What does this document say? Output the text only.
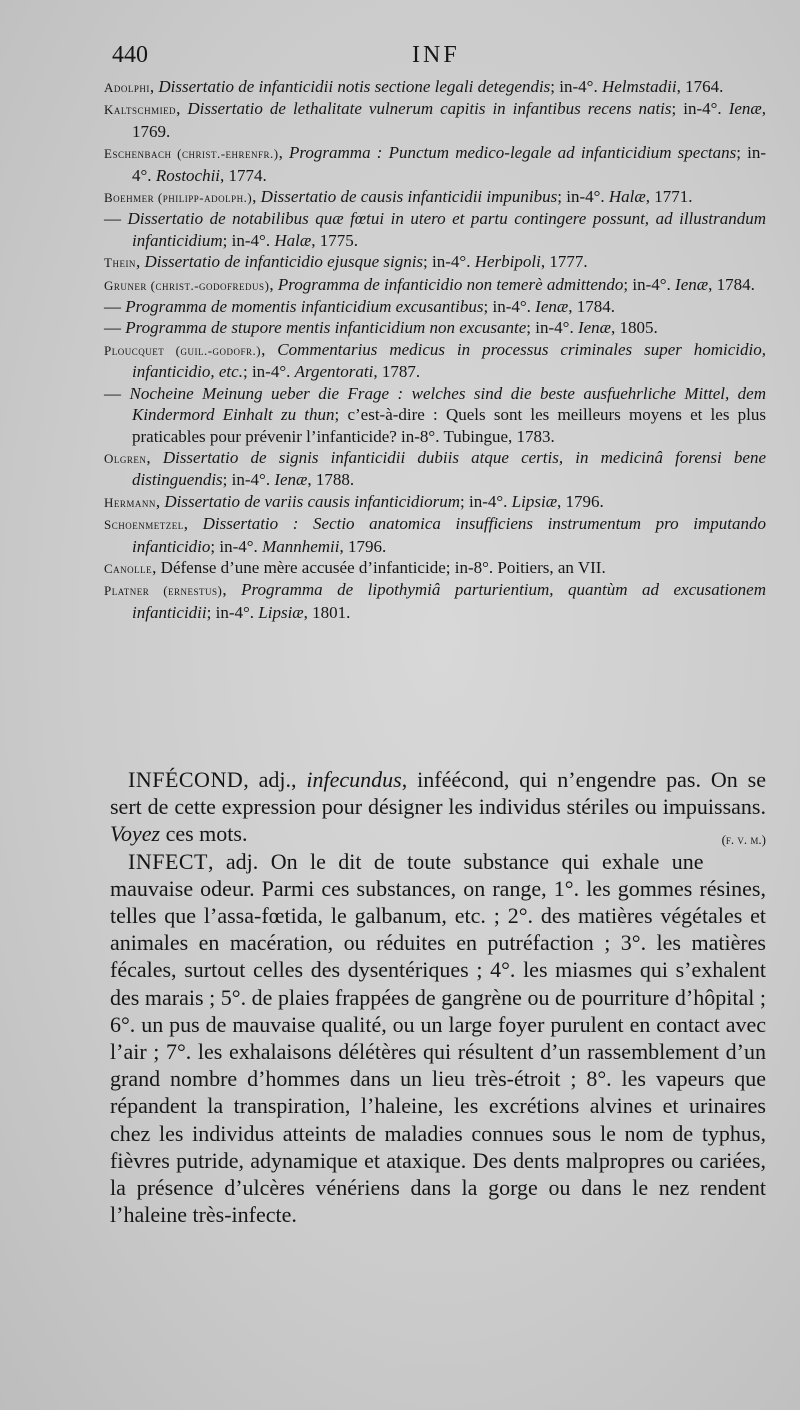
440	INF

Adolphi, Dissertatio de infanticidii notis sectione legali detegendis; in-4°. Helmstadii, 1764.

Kaltschmied, Dissertatio de lethalitate vulnerum capitis in infantibus recens natis; in-4°. Ienæ, 1769.

Eschenbach (christ.-ehrenfr.), Programma : Punctum medico-legale ad infanticidium spectans; in-4°. Rostochii, 1774.

Boehmer (philipp-adolph.), Dissertatio de causis infanticidii impunibus; in-4°. Halæ, 1771.

— Dissertatio de notabilibus quæ fœtui in utero et partu contingere possunt, ad illustrandum infanticidium; in-4°. Halæ, 1775.

Thein, Dissertatio de infanticidio ejusque signis; in-4°. Herbipoli, 1777.

Gruner (christ.-godofredus), Programma de infanticidio non temerè admittendo; in-4°. Ienæ, 1784.

— Programma de momentis infanticidium excusantibus; in-4°. Ienæ, 1784.

— Programma de stupore mentis infanticidium non excusante; in-4°. Ienæ, 1805.

Ploucquet (guil.-godofr.), Commentarius medicus in processus criminales super homicidio, infanticidio, etc.; in-4°. Argentorati, 1787.

— Nocheine Meinung ueber die Frage : welches sind die beste ausfuehrliche Mittel, dem Kindermord Einhalt zu thun; c’est-à-dire : Quels sont les meilleurs moyens et les plus praticables pour prévenir l’infanticide? in-8°. Tubingue, 1783.

Olgren, Dissertatio de signis infanticidii dubiis atque certis, in medicinâ forensi bene distinguendis; in-4°. Ienæ, 1788.

Hermann, Dissertatio de variis causis infanticidiorum; in-4°. Lipsiæ, 1796.

Schoenmetzel, Dissertatio : Sectio anatomica insufficiens instrumentum pro imputando infanticidio; in-4°. Mannhemii, 1796.

Canolle, Défense d’une mère accusée d’infanticide; in-8°. Poitiers, an VII.

Platner (ernestus), Programma de lipothymiâ parturientium, quantùm ad excusationem infanticidii; in-4°. Lipsiæ, 1801.

INFÉCOND, adj., infecundus, inféécond, qui n’engendre pas. On se sert de cette expression pour désigner les individus stériles ou impuissans. Voyez ces mots.	(f. v. m.)

INFECT, adj. On le dit de toute substance qui exhale une mauvaise odeur. Parmi ces substances, on range, 1°. les gommes résines, telles que l’assa-fœtida, le galbanum, etc. ; 2°. des matières végétales et animales en macération, ou réduites en putréfaction ; 3°. les matières fécales, surtout celles des dysentériques ; 4°. les miasmes qui s’exhalent des marais ; 5°. de plaies frappées de gangrène ou de pourriture d’hôpital ; 6°. un pus de mauvaise qualité, ou un large foyer purulent en contact avec l’air ; 7°. les exhalaisons délétères qui résultent d’un rassemblement d’un grand nombre d’hommes dans un lieu très-étroit ; 8°. les vapeurs que répandent la transpiration, l’haleine, les excrétions alvines et urinaires chez les individus atteints de maladies connues sous le nom de typhus, fièvres putride, adynamique et ataxique. Des dents malpropres ou cariées, la présence d’ulcères vénériens dans la gorge ou dans le nez rendent l’haleine très-infecte.
